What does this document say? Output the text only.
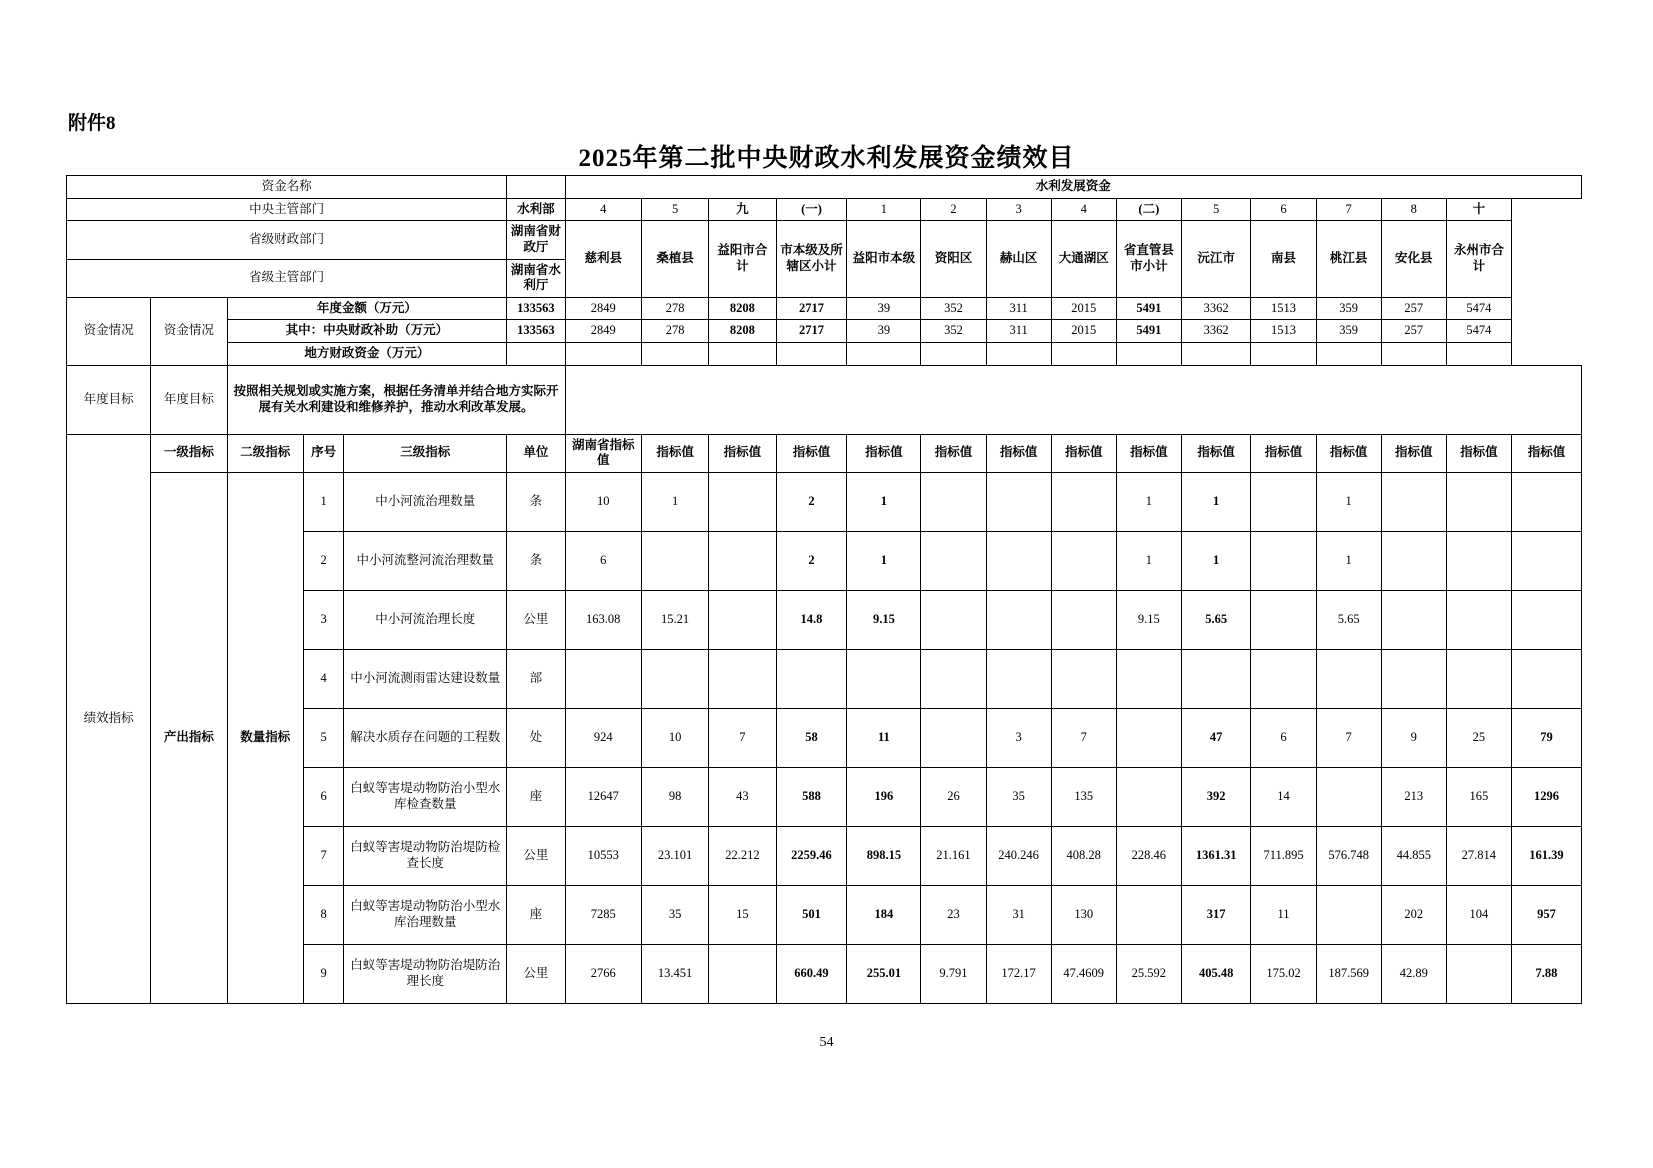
附件8
2025年第二批中央财政水利发展资金绩效目
资金名称						水利发展资金														
中央主管部门					水利部	4	5	九	(一)	1	2	3	4	(二)	5	6	7	8	十	
省级财政部门					湖南省财政厅	慈利县	桑植县	益阳市合计	市本级及所辖区小计	益阳市本级	资阳区	赫山区	大通湖区	省直管县市小计	沅江市	南县	桃江县	安化县	永州市合计	
省级主管部门					湖南省水利厅															
资金情况	资金情况	年度金额（万元）			133563	2849	278	8208	2717	39	352	311	2015	5491	3362	1513	359	257	5474	
		其中：中央财政补助（万元）			133563	2849	278	8208	2717	39	352	311	2015	5491	3362	1513	359	257	5474	
		地方财政资金（万元）																		
年度目标	年度目标	按照相关规划或实施方案，根据任务清单并结合地方实际开展有关水利建设和维修养护，推动水利改革发展。																		
绩效指标	一级指标	二级指标	序号	三级指标	单位	湖南省指标值	指标值	指标值	指标值	指标值	指标值	指标值	指标值	指标值	指标值	指标值	指标值	指标值	指标值	指标值
	产出指标	数量指标	1	中小河流治理数量	条	10	1		2	1				1	1		1			
			2	中小河流整河流治理数量	条	6			2	1				1	1		1			
			3	中小河流治理长度	公里	163.08	15.21		14.8	9.15				9.15	5.65		5.65			
			4	中小河流测雨雷达建设数量	部															
			5	解决水质存在问题的工程数	处	924	10	7	58	11		3	7		47	6	7	9	25	79
			6	白蚁等害堤动物防治小型水库检查数量	座	12647	98	43	588	196	26	35	135		392	14		213	165	1296
			7	白蚁等害堤动物防治堤防检查长度	公里	10553	23.101	22.212	2259.46	898.15	21.161	240.246	408.28	228.46	1361.31	711.895	576.748	44.855	27.814	161.39
			8	白蚁等害堤动物防治小型水库治理数量	座	7285	35	15	501	184	23	31	130		317	11		202	104	957
			9	白蚁等害堤动物防治堤防治理长度	公里	2766	13.451		660.49	255.01	9.791	172.17	47.4609	25.592	405.48	175.02	187.569	42.89		7.88
54
